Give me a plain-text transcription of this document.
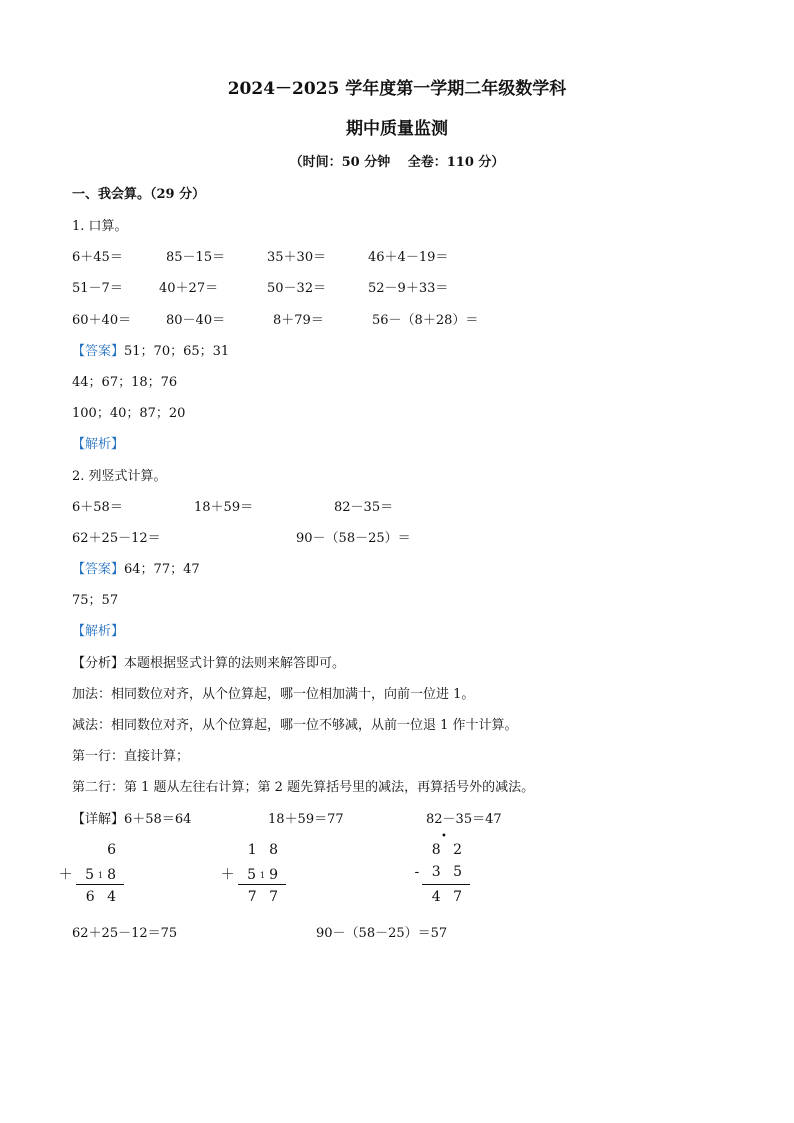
2024－2025 学年度第一学期二年级数学科
期中质量监测
（时间：50 分钟　 全卷：110 分）
一、我会算。（29 分）
1. 口算。
6＋45＝	85－15＝	35＋30＝	46＋4－19＝
51－7＝	40＋27＝	50－32＝	52－9＋33＝
60＋40＝	80－40＝	8＋79＝	56－（8＋28）＝
【答案】51；70；65；31
44；67；18；76
100；40；87；20
【解析】
2. 列竖式计算。
6＋58＝	18＋59＝	82－35＝
62＋25－12＝	90－（58－25）＝
【答案】64；77；47
75；57
【解析】
【分析】本题根据竖式计算的法则来解答即可。
加法：相同数位对齐，从个位算起，哪一位相加满十，向前一位进 1。
减法：相同数位对齐，从个位算起，哪一位不够减，从前一位退 1 作十计算。
第一行：直接计算；
第二行：第 1 题从左往右计算；第 2 题先算括号里的减法，再算括号外的减法。
【详解】6＋58＝64	18＋59＝77	82－35＝47
6
＋ 518
6 4
1 8
＋ 519
7 7
•
8 2
- 3 5
4 7
62＋25－12＝75	90－（58－25）＝57
